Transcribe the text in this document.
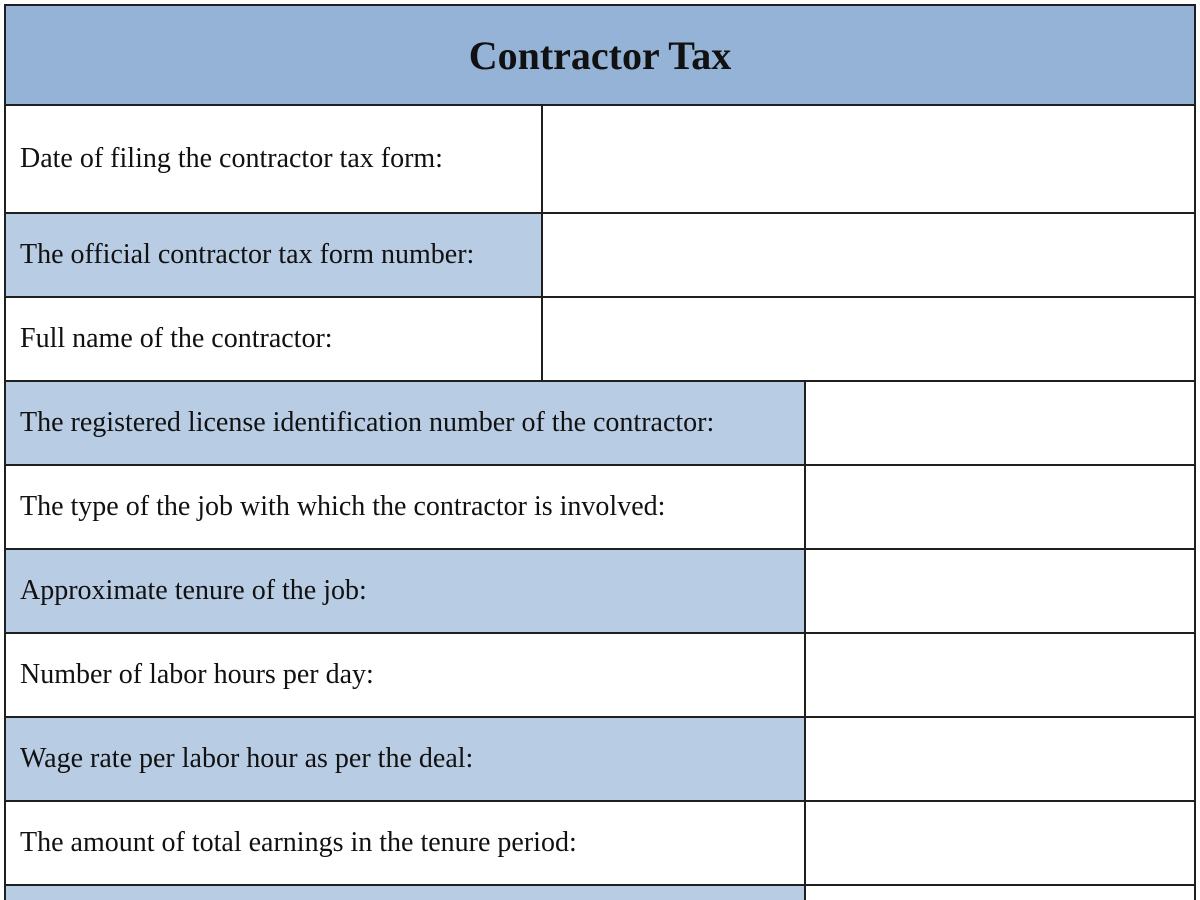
Contractor Tax
Date of filing the contractor tax form:
The official contractor tax form number:
Full name of the contractor:
The registered license identification number of the contractor:
The type of the job with which the contractor is involved:
Approximate tenure of the job:
Number of labor hours per day:
Wage rate per labor hour as per the deal:
The amount of total earnings in the tenure period:
